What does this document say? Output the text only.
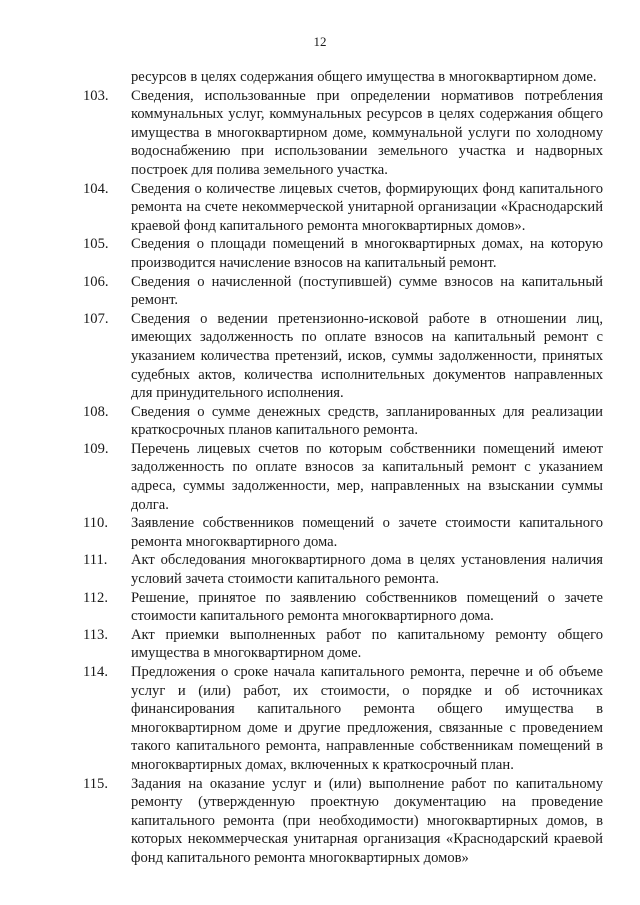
12

ресурсов в целях содержания общего имущества в многоквартирном доме.

103.	Сведения, использованные при определении нормативов потребления коммунальных услуг, коммунальных ресурсов в целях содержания общего имущества в многоквартирном доме, коммунальной услуги по холодному водоснабжению при использовании земельного участка и надворных построек для полива земельного участка.

104.	Сведения о количестве лицевых счетов, формирующих фонд капитального ремонта на счете некоммерческой унитарной организации «Краснодарский краевой фонд капитального ремонта многоквартирных домов».

105.	Сведения о площади помещений в многоквартирных домах, на которую производится начисление взносов на капитальный ремонт.

106.	Сведения о начисленной (поступившей) сумме взносов на капитальный ремонт.

107.	Сведения о ведении претензионно-исковой работе в отношении лиц, имеющих задолженность по оплате взносов на капитальный ремонт с указанием количества претензий, исков, суммы задолженности, принятых судебных актов, количества исполнительных документов направленных для принудительного исполнения.

108.	Сведения о сумме денежных средств, запланированных для реализации краткосрочных планов капитального ремонта.

109.	Перечень лицевых счетов по которым собственники помещений имеют задолженность по оплате взносов за капитальный ремонт с указанием адреса, суммы задолженности, мер, направленных на взыскании суммы долга.

110.	Заявление собственников помещений о зачете стоимости капитального ремонта многоквартирного дома.

111.	Акт обследования многоквартирного дома в целях установления наличия условий зачета стоимости капитального ремонта.

112.	Решение, принятое по заявлению собственников помещений о зачете стоимости капитального ремонта многоквартирного дома.

113.	Акт приемки выполненных работ по капитальному ремонту общего имущества в многоквартирном доме.

114.	Предложения о сроке начала капитального ремонта, перечне и об объеме услуг и (или) работ, их стоимости, о порядке и об источниках финансирования капитального ремонта общего имущества в многоквартирном доме и другие предложения, связанные с проведением такого капитального ремонта, направленные собственникам помещений в многоквартирных домах, включенных к краткосрочный план.

115.	Задания на оказание услуг и (или) выполнение работ по капитальному ремонту (утвержденную проектную документацию на проведение капитального ремонта (при необходимости) многоквартирных домов, в которых некоммерческая унитарная организация «Краснодарский краевой фонд капитального ремонта многоквартирных домов»
